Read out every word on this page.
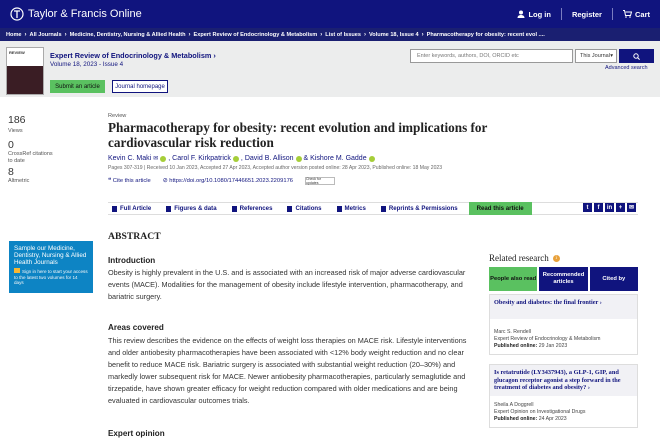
Taylor & Francis Online	Log in	Register	Cart
Home › All Journals › Medicine, Dentistry, Nursing & Allied Health › Expert Review of Endocrinology & Metabolism › List of Issues › Volume 18, Issue 4 › Pharmacotherapy for obesity: recent evol ....
REVIEW	Expert Review of Endocrinology & Metabolism ›
Volume 18, 2023 - Issue 4
Submit an article	Journal homepage
Enter keywords, authors, DOI, ORCID etc	This Journal ▾
Advanced search
186
Views
0
CrossRef citations to date
8
Altmetric
Review
Pharmacotherapy for obesity: recent evolution and implications for cardiovascular risk reduction
Kevin C. Maki ✉ , Carol F. Kirkpatrick , David B. Allison & Kishore M. Gadde
Pages 307-319 | Received 10 Jan 2023, Accepted 27 Apr 2023, Accepted author version posted online: 28 Apr 2023, Published online: 18 May 2023
❝ Cite this article ⊘ https://doi.org/10.1080/17446651.2023.2209176	Check for updates
Full Article	Figures & data	References	Citations	Metrics	Reprints & Permissions	Read this article	t	f	in	+	✉
Sample our Medicine, Dentistry, Nursing & Allied Health Journals
Sign in here to start your access to the latest two volumes for 14 days
ABSTRACT
Introduction
Obesity is highly prevalent in the U.S. and is associated with an increased risk of major adverse cardiovascular events (MACE). Modalities for the management of obesity include lifestyle intervention, pharmacotherapy, and bariatric surgery.
Areas covered
This review describes the evidence on the effects of weight loss therapies on MACE risk. Lifestyle interventions and older antiobesity pharmacotherapies have been associated with <12% body weight reduction and no clear benefit to reduce MACE risk. Bariatric surgery is associated with substantial weight reduction (20–30%) and markedly lower subsequent risk for MACE. Newer antiobesity pharmacotherapies, particularly semaglutide and tirzepatide, have shown greater efficacy for weight reduction compared with older medications and are being evaluated in cardiovascular outcomes trials.
Expert opinion
Related research	i
People also read
Recommended articles
Cited by
Obesity and diabetes: the final frontier ›
Marc S. Rendell
Expert Review of Endocrinology & Metabolism
Published online: 29 Jan 2023
Is retatrutide (LY3437943), a GLP-1, GIP, and glucagon receptor agonist a step forward in the treatment of diabetes and obesity? ›
Sheila A Doggrell
Expert Opinion on Investigational Drugs
Published online: 24 Apr 2023
